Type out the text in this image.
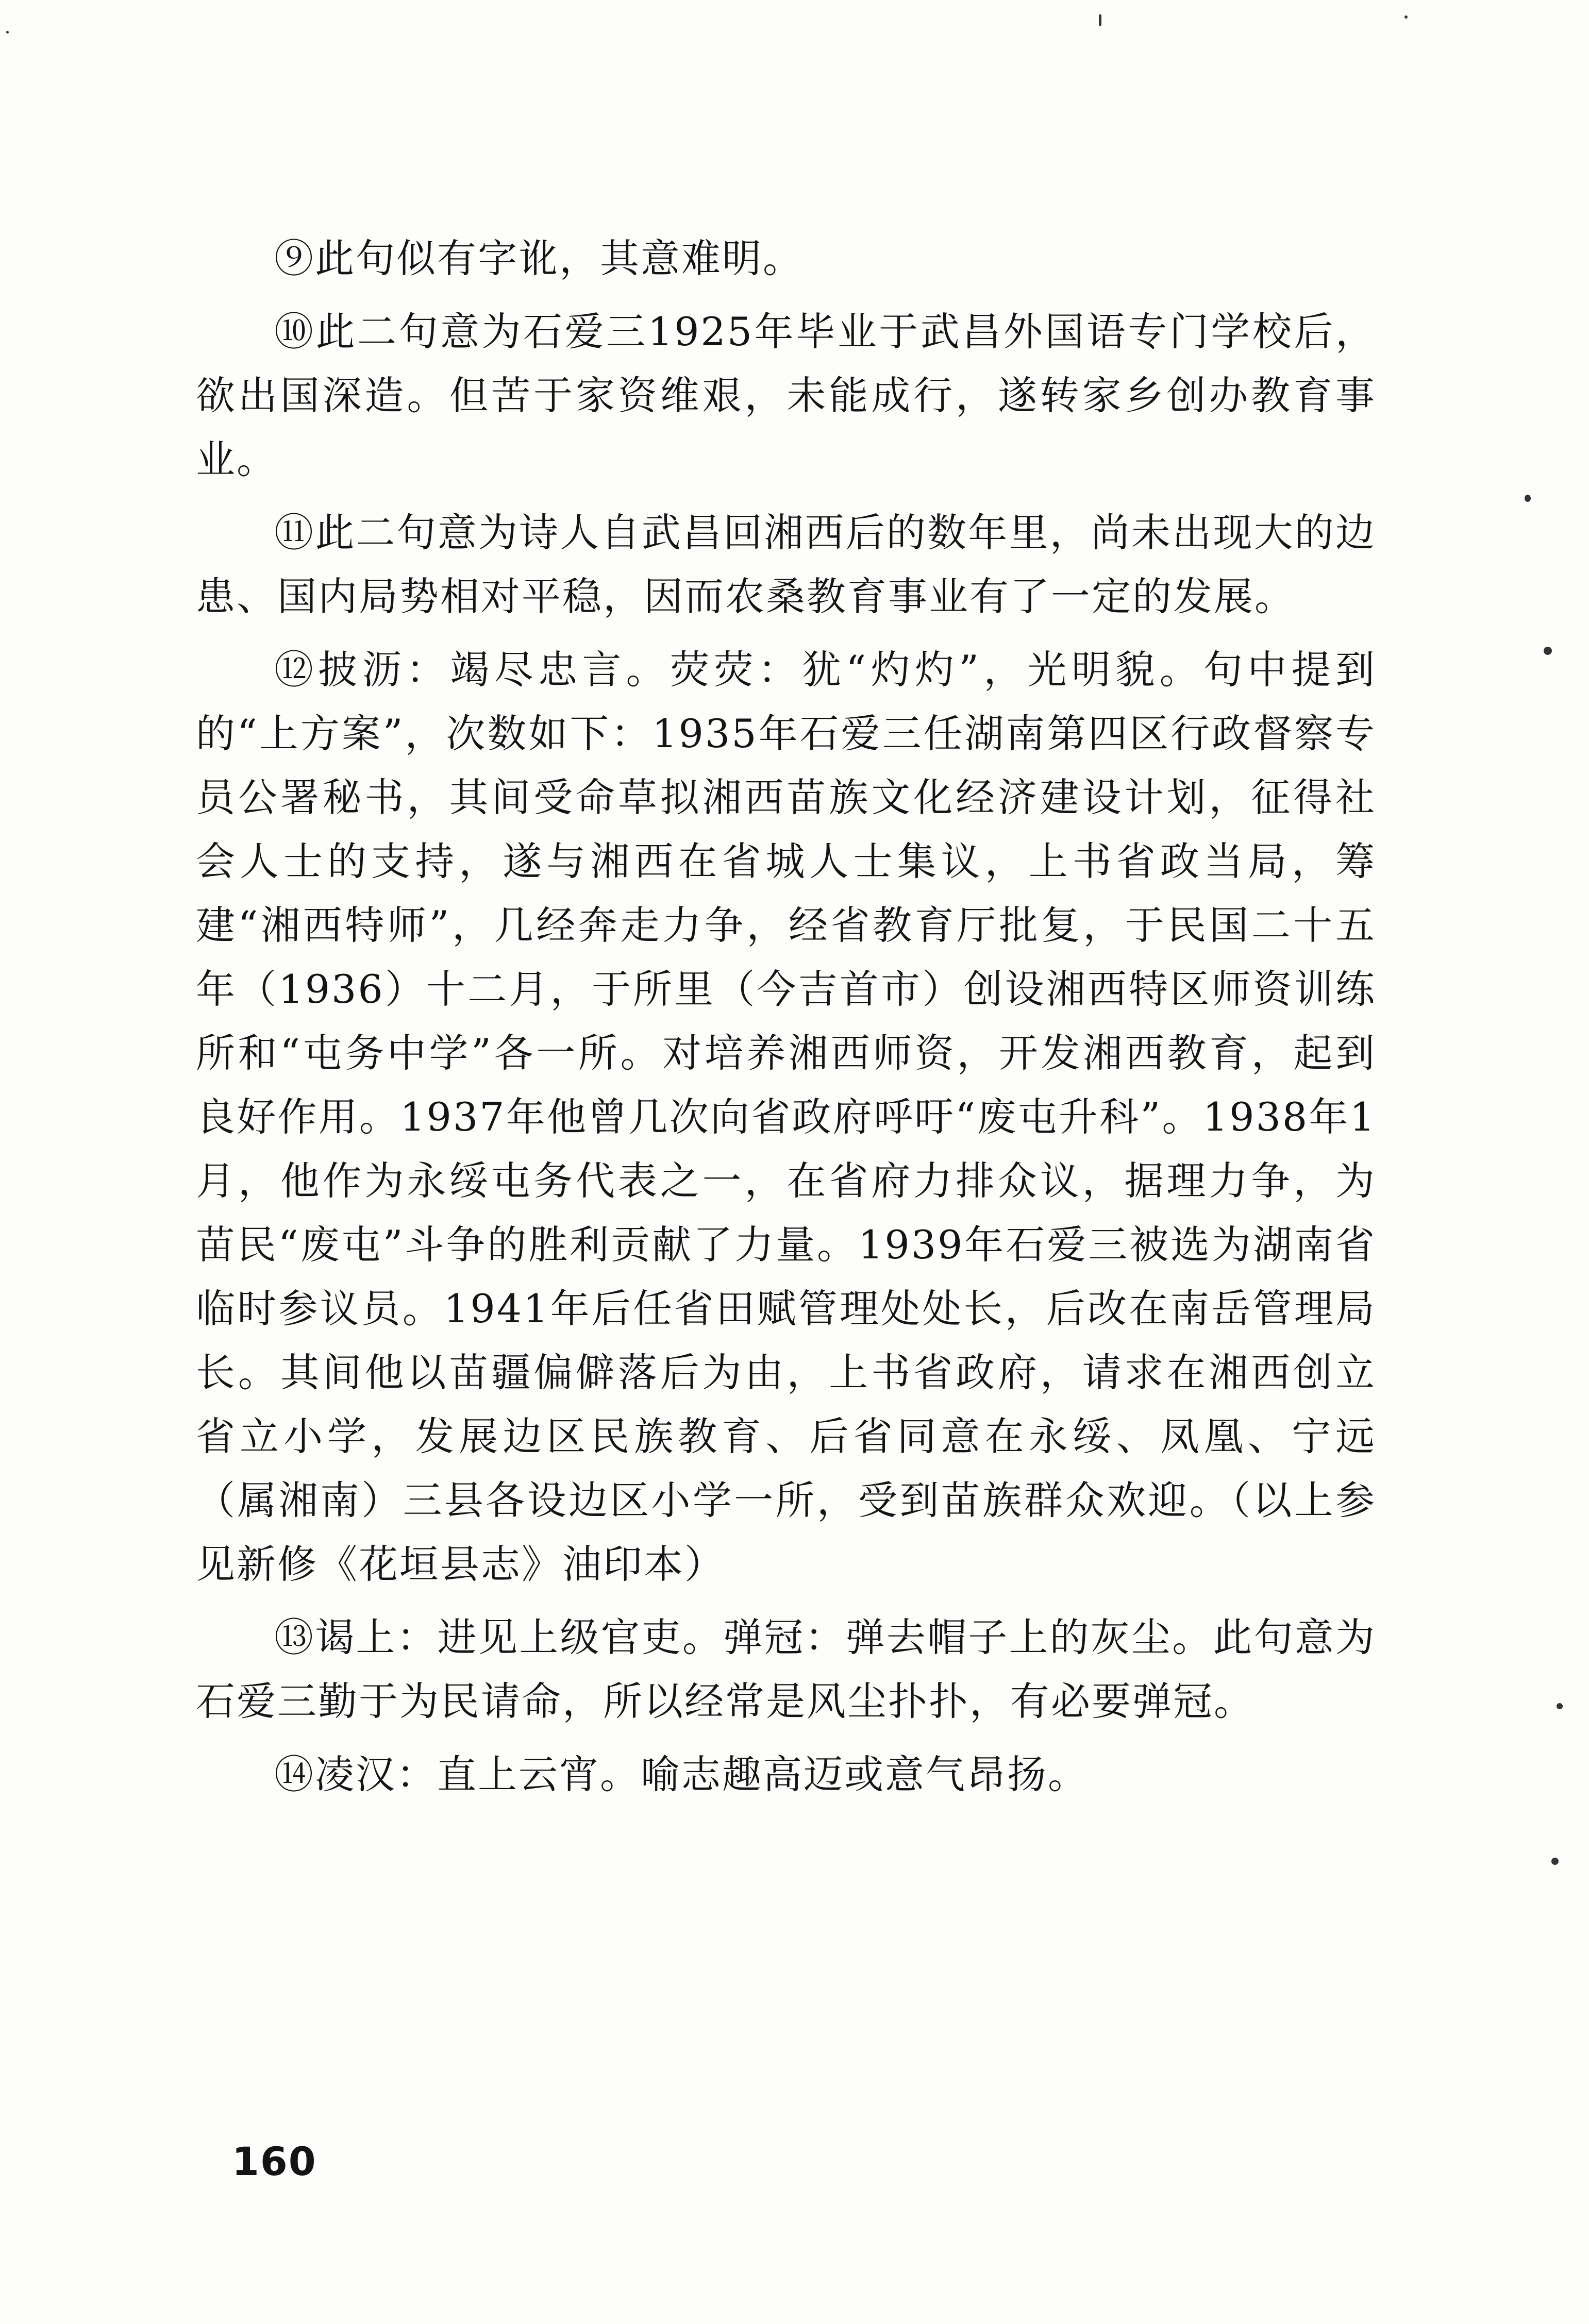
⑨此句似有字讹，其意难明。

⑩此二句意为石爱三1925年毕业于武昌外国语专门学校后，欲出国深造。但苦于家资维艰，未能成行，遂转家乡创办教育事业。

⑪此二句意为诗人自武昌回湘西后的数年里，尚未出现大的边患、国内局势相对平稳，因而农桑教育事业有了一定的发展。

⑫披沥：竭尽忠言。荧荧：犹“灼灼”，光明貌。句中提到的“上方案”，次数如下：1935年石爱三任湖南第四区行政督察专员公署秘书，其间受命草拟湘西苗族文化经济建设计划，征得社会人士的支持，遂与湘西在省城人士集议，上书省政当局，筹建“湘西特师”，几经奔走力争，经省教育厅批复，于民国二十五年（1936）十二月，于所里（今吉首市）创设湘西特区师资训练所和“屯务中学”各一所。对培养湘西师资，开发湘西教育，起到良好作用。1937年他曾几次向省政府呼吁“废屯升科”。1938年1月，他作为永绥屯务代表之一，在省府力排众议，据理力争，为苗民“废屯”斗争的胜利贡献了力量。1939年石爱三被选为湖南省临时参议员。1941年后任省田赋管理处处长，后改在南岳管理局长。其间他以苗疆偏僻落后为由，上书省政府，请求在湘西创立省立小学，发展边区民族教育、后省同意在永绥、凤凰、宁远（属湘南）三县各设边区小学一所，受到苗族群众欢迎。（以上参见新修《花垣县志》油印本）

⑬谒上：进见上级官吏。弹冠：弹去帽子上的灰尘。此句意为石爱三勤于为民请命，所以经常是风尘扑扑，有必要弹冠。

⑭凌汉：直上云宵。喻志趣高迈或意气昂扬。

160
